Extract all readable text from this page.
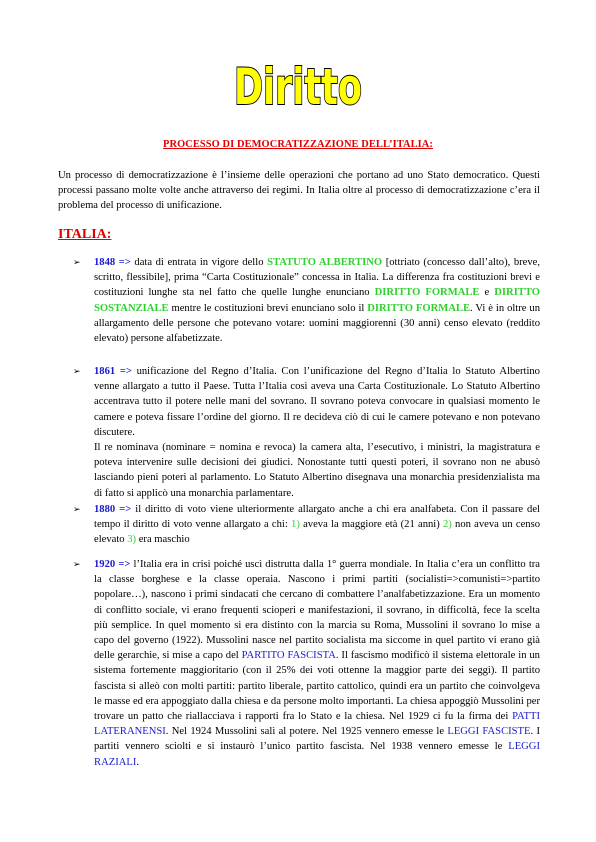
Diritto
PROCESSO DI DEMOCRATIZZAZIONE DELL’ITALIA:

Un processo di democratizzazione è l’insieme delle operazioni che portano ad uno Stato democratico. Questi processi passano molte volte anche attraverso dei regimi. In Italia oltre al processo di democratizzazione c’era il problema del processo di unificazione.

ITALIA:
➢ 1848 => data di entrata in vigore dello STATUTO ALBERTINO [ottriato (concesso dall’alto), breve, scritto, flessibile], prima “Carta Costituzionale” concessa in Italia. La differenza fra costituzioni brevi e costituzioni lunghe sta nel fatto che quelle lunghe enunciano DIRITTO FORMALE e DIRITTO SOSTANZIALE mentre le costituzioni brevi enunciano solo il DIRITTO FORMALE. Vi è in oltre un allargamento delle persone che potevano votare: uomini maggiorenni (30 anni) censo elevato (reddito elevato) persone alfabetizzate.

➢ 1861 => unificazione del Regno d’Italia. Con l’unificazione del Regno d’Italia lo Statuto Albertino venne allargato a tutto il Paese. Tutta l’Italia così aveva una Carta Costituzionale. Lo Statuto Albertino accentrava tutto il potere nelle mani del sovrano. Il sovrano poteva convocare in qualsiasi momento le camere e poteva fissare l’ordine del giorno. Il re decideva ciò di cui le camere potevano e non potevano discutere.

Il re nominava (nominare = nomina e revoca) la camera alta, l’esecutivo, i ministri, la magistratura e poteva intervenire sulle decisioni dei giudici. Nonostante tutti questi poteri, il sovrano non ne abusò lasciando pieni poteri al parlamento. Lo Statuto Albertino disegnava una monarchia presidenzialista ma di fatto si applicò una monarchia parlamentare.

➢ 1880 => il diritto di voto viene ulteriormente allargato anche a chi era analfabeta. Con il passare del tempo il diritto di voto venne allargato a chi: 1) aveva la maggiore età (21 anni) 2) non aveva un censo elevato 3) era maschio

➢ 1920 => l’Italia era in crisi poiché uscì distrutta dalla 1° guerra mondiale. In Italia c’era un conflitto tra la classe borghese e la classe operaia. Nascono i primi partiti (socialisti=>comunisti=>partito popolare…), nascono i primi sindacati che cercano di combattere l’analfabetizzazione. Era un momento di conflitto sociale, vi erano frequenti scioperi e manifestazioni, il sovrano, in difficoltà, fece la scelta più semplice. In quel momento si era distinto con la marcia su Roma, Mussolini il sovrano lo mise a capo del governo (1922). Mussolini nasce nel partito socialista ma siccome in quel partito vi erano già delle gerarchie, si mise a capo del PARTITO FASCISTA. Il fascismo modificò il sistema elettorale in un sistema fortemente maggioritario (con il 25% dei voti ottenne la maggior parte dei seggi). Il partito fascista si alleò con molti partiti: partito liberale, partito cattolico, quindi era un partito che coinvolgeva le masse ed era appoggiato dalla chiesa e da persone molto importanti. La chiesa appoggiò Mussolini per trovare un patto che riallacciava i rapporti fra lo Stato e la chiesa. Nel 1929 ci fu la firma dei PATTI LATERANENSI. Nel 1924 Mussolini salì al potere. Nel 1925 vennero emesse le LEGGI FASCISTE. I partiti vennero sciolti e si instaurò l’unico partito fascista. Nel 1938 vennero emesse le LEGGI RAZIALI.
